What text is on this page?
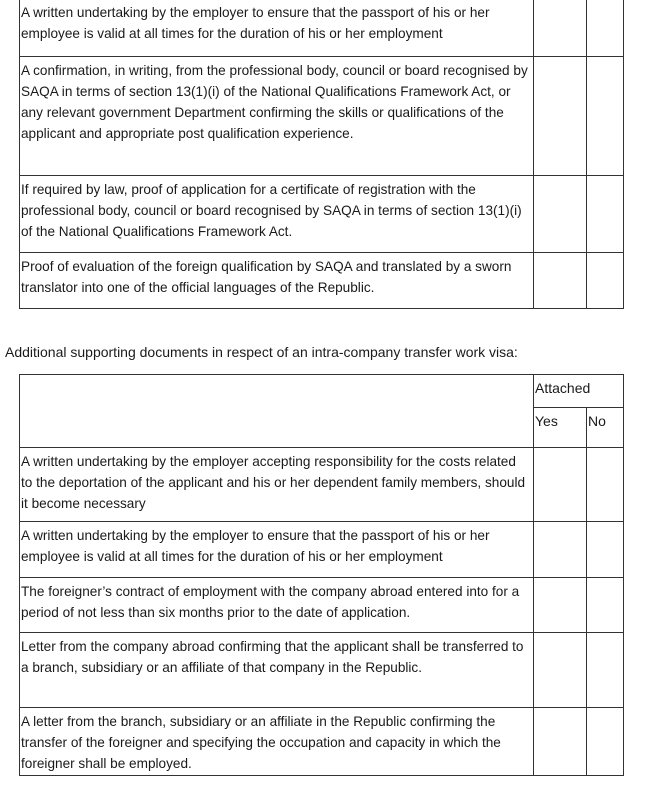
A written undertaking by the employer to ensure that the passport of his or her employee is valid at all times for the duration of his or her employment		
A confirmation, in writing, from the professional body, council or board recognised by SAQA in terms of section 13(1)(i) of the National Qualifications Framework Act, or any relevant government Department confirming the skills or qualifications of the applicant and appropriate post qualification experience.		
If required by law, proof of application for a certificate of registration with the professional body, council or board recognised by SAQA in terms of section 13(1)(i) of the National Qualifications Framework Act.		
Proof of evaluation of the foreign qualification by SAQA and translated by a sworn translator into one of the official languages of the Republic.		
Additional supporting documents in respect of an intra-company transfer work visa:
	Attached	
	Yes	No
A written undertaking by the employer accepting responsibility for the costs related to the deportation of the applicant and his or her dependent family members, should it become necessary		
A written undertaking by the employer to ensure that the passport of his or her employee is valid at all times for the duration of his or her employment		
The foreigner’s contract of employment with the company abroad entered into for a period of not less than six months prior to the date of application.		
Letter from the company abroad confirming that the applicant shall be transferred to a branch, subsidiary or an affiliate of that company in the Republic.		
A letter from the branch, subsidiary or an affiliate in the Republic confirming the transfer of the foreigner and specifying the occupation and capacity in which the foreigner shall be employed.		
